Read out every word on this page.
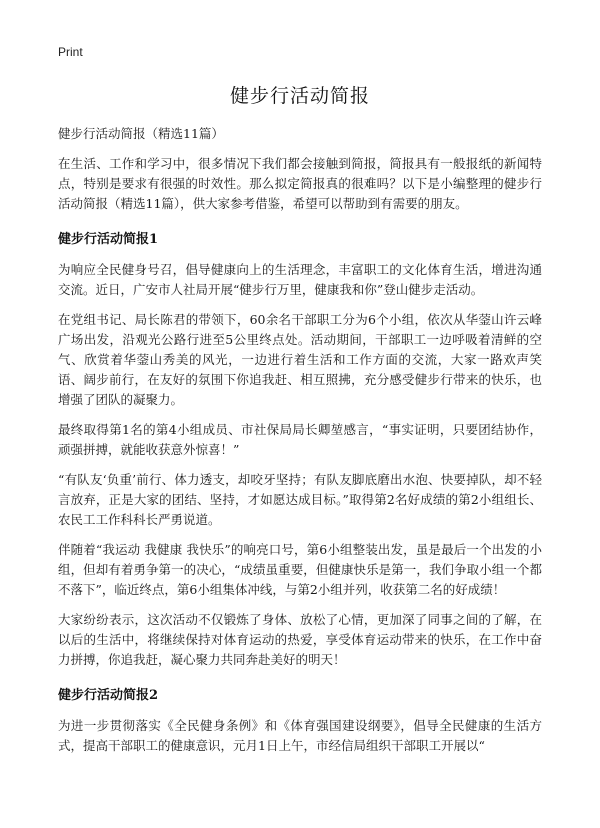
Print
健步行活动简报

健步行活动简报（精选11篇）

在生活、工作和学习中，很多情况下我们都会接触到简报，简报具有一般报纸的新闻特点，特别是要求有很强的时效性。那么拟定简报真的很难吗？以下是小编整理的健步行活动简报（精选11篇），供大家参考借鉴，希望可以帮助到有需要的朋友。

健步行活动简报1

为响应全民健身号召，倡导健康向上的生活理念，丰富职工的文化体育生活，增进沟通交流。近日，广安市人社局开展“健步行万里，健康我和你”登山健步走活动。

在党组书记、局长陈君的带领下，60余名干部职工分为6个小组，依次从华蓥山许云峰广场出发，沿观光公路行进至5公里终点处。活动期间，干部职工一边呼吸着清鲜的空气、欣赏着华蓥山秀美的风光，一边进行着生活和工作方面的交流，大家一路欢声笑语、阔步前行，在友好的氛围下你追我赶、相互照拂，充分感受健步行带来的快乐，也增强了团队的凝聚力。

最终取得第1名的第4小组成员、市社保局局长卿堃感言，“事实证明，只要团结协作，顽强拼搏，就能收获意外惊喜！”

“有队友‘负重’前行、体力透支，却咬牙坚持；有队友脚底磨出水泡、快要掉队，却不轻言放弃，正是大家的团结、坚持，才如愿达成目标。”取得第2名好成绩的第2小组组长、农民工工作科科长严勇说道。

伴随着“我运动 我健康 我快乐”的响亮口号，第6小组整装出发，虽是最后一个出发的小组，但却有着勇争第一的决心，“成绩虽重要，但健康快乐是第一，我们争取小组一个都不落下”，临近终点，第6小组集体冲线，与第2小组并列，收获第二名的好成绩！

大家纷纷表示，这次活动不仅锻炼了身体、放松了心情，更加深了同事之间的了解，在以后的生活中，将继续保持对体育运动的热爱，享受体育运动带来的快乐，在工作中奋力拼搏，你追我赶，凝心聚力共同奔赴美好的明天！

健步行活动简报2

为进一步贯彻落实《全民健身条例》和《体育强国建设纲要》，倡导全民健康的生活方式，提高干部职工的健康意识，元月1日上午，市经信局组织干部职工开展以“
